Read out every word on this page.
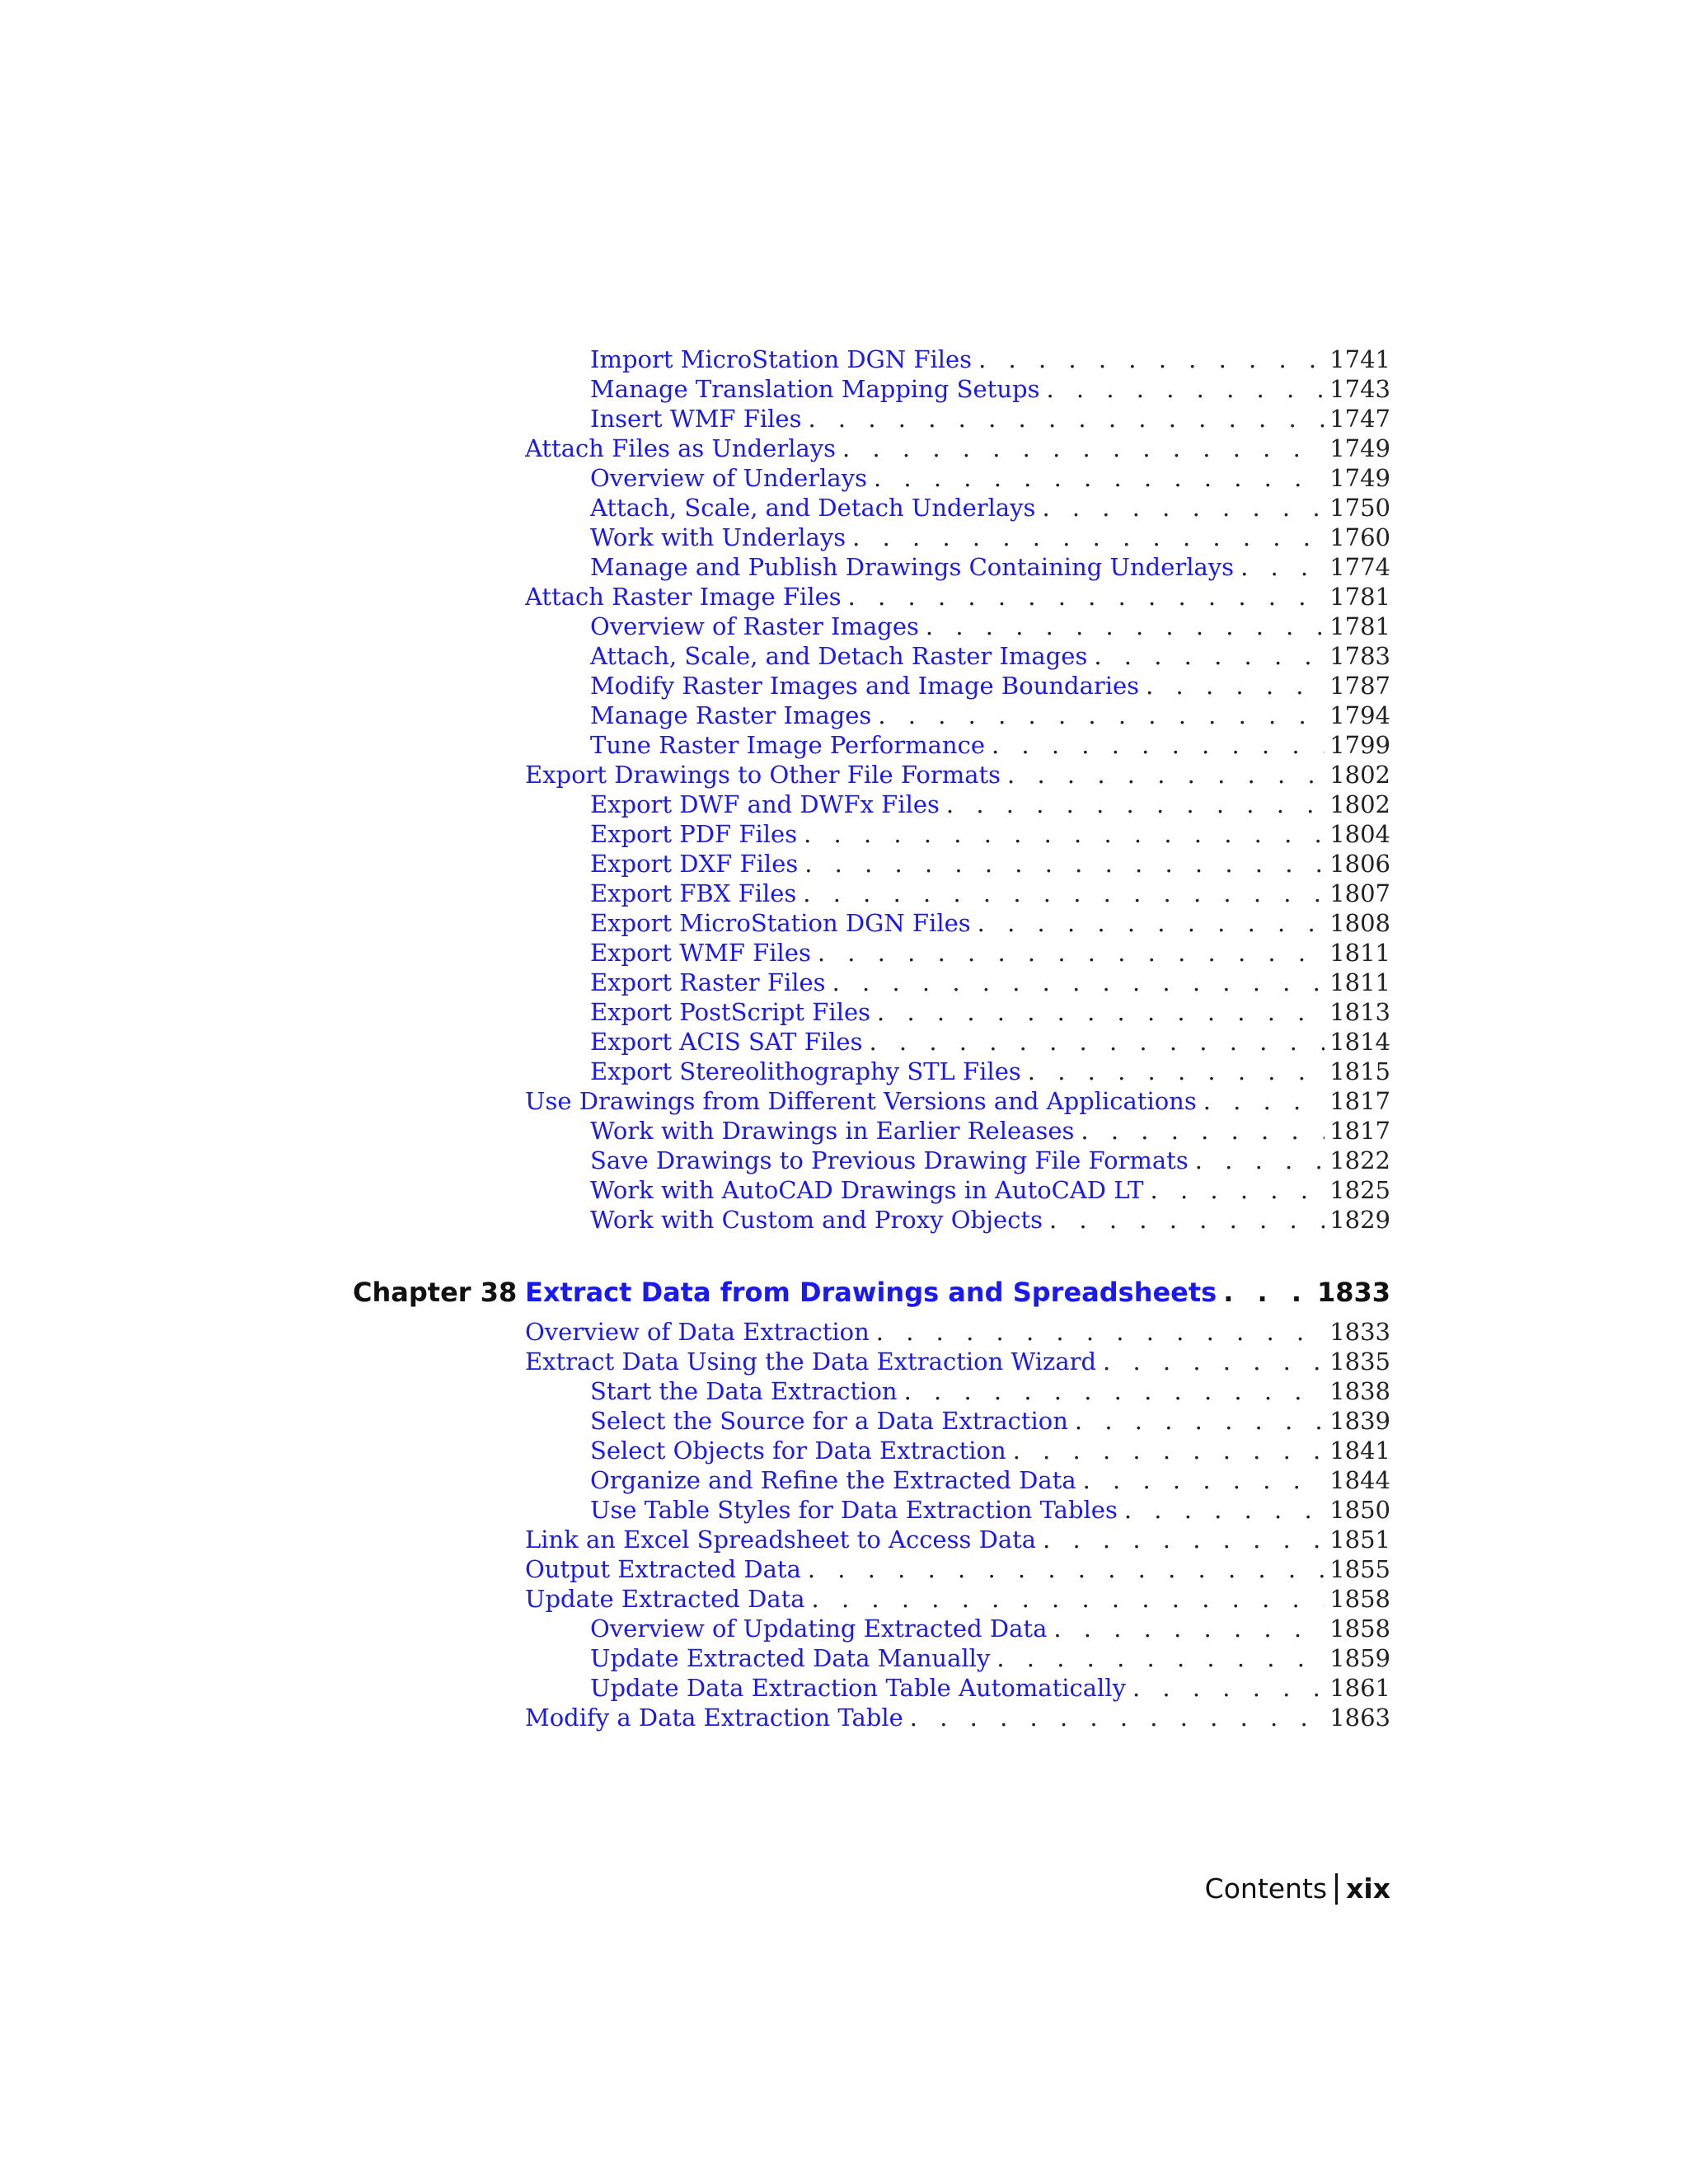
Import MicroStation DGN Files . . .	1741
Manage Translation Mapping Setups . . .	1743
Insert WMF Files . . .	1747
Attach Files as Underlays . . .	1749
Overview of Underlays . . .	1749
Attach, Scale, and Detach Underlays . . .	1750
Work with Underlays . . .	1760
Manage and Publish Drawings Containing Underlays . . .	1774
Attach Raster Image Files . . .	1781
Overview of Raster Images . . .	1781
Attach, Scale, and Detach Raster Images . . .	1783
Modify Raster Images and Image Boundaries . . .	1787
Manage Raster Images . . .	1794
Tune Raster Image Performance . . .	1799
Export Drawings to Other File Formats . . .	1802
Export DWF and DWFx Files . . .	1802
Export PDF Files . . .	1804
Export DXF Files . . .	1806
Export FBX Files . . .	1807
Export MicroStation DGN Files . . .	1808
Export WMF Files . . .	1811
Export Raster Files . . .	1811
Export PostScript Files . . .	1813
Export ACIS SAT Files . . .	1814
Export Stereolithography STL Files . . .	1815
Use Drawings from Different Versions and Applications . . .	1817
Work with Drawings in Earlier Releases . . .	1817
Save Drawings to Previous Drawing File Formats . . .	1822
Work with AutoCAD Drawings in AutoCAD LT . . .	1825
Work with Custom and Proxy Objects . . .	1829
Chapter 38 Extract Data from Drawings and Spreadsheets . . .	1833
Overview of Data Extraction . . .	1833
Extract Data Using the Data Extraction Wizard . . .	1835
Start the Data Extraction . . .	1838
Select the Source for a Data Extraction . . .	1839
Select Objects for Data Extraction . . .	1841
Organize and Refine the Extracted Data . . .	1844
Use Table Styles for Data Extraction Tables . . .	1850
Link an Excel Spreadsheet to Access Data . . .	1851
Output Extracted Data . . .	1855
Update Extracted Data . . .	1858
Overview of Updating Extracted Data . . .	1858
Update Extracted Data Manually . . .	1859
Update Data Extraction Table Automatically . . .	1861
Modify a Data Extraction Table . . .	1863
Contents xix
